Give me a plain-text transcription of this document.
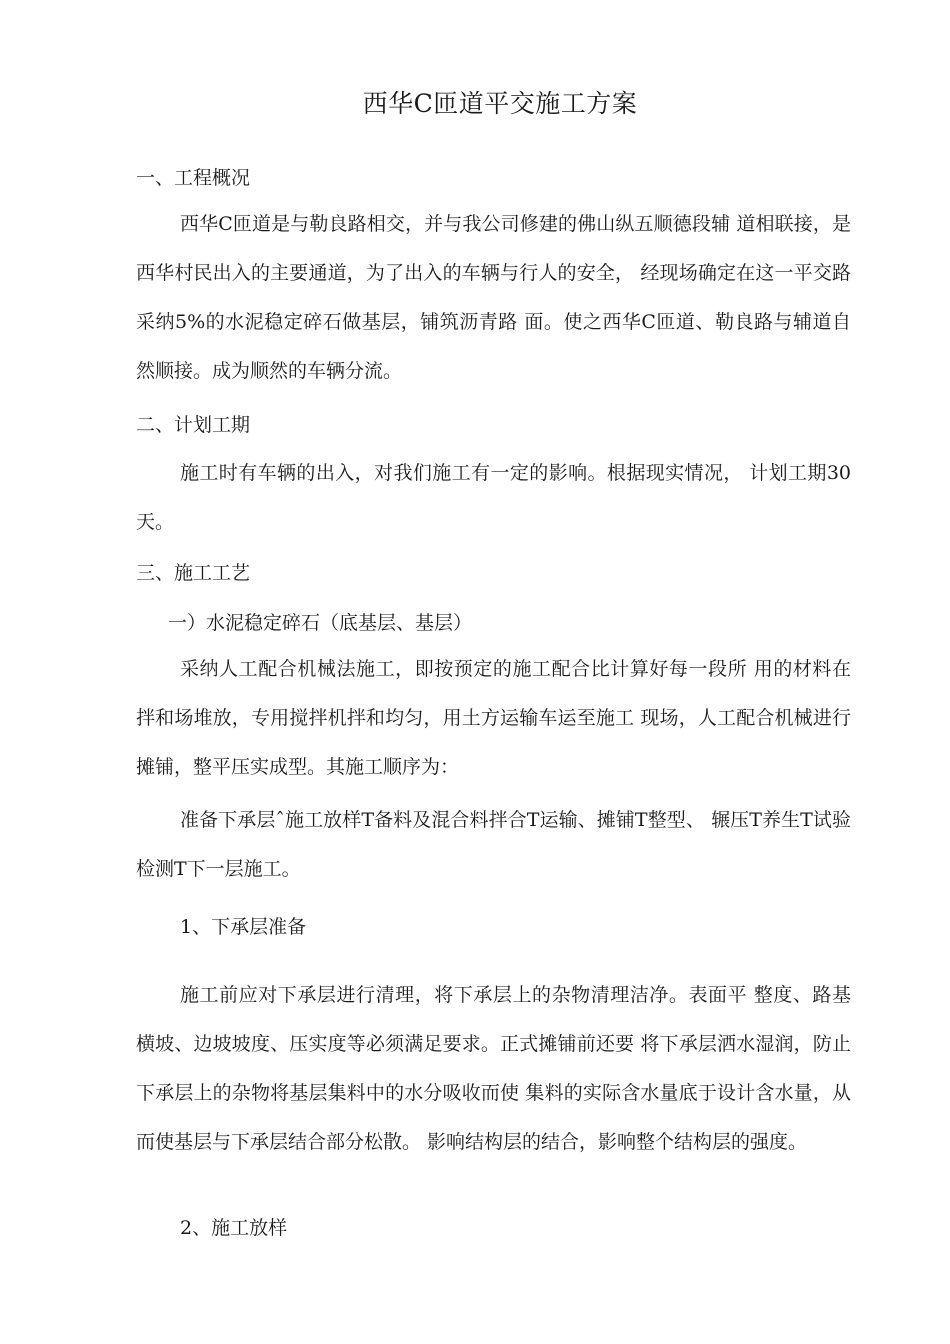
西华C匝道平交施工方案
一、工程概况
西华C匝道是与勒良路相交，并与我公司修建的佛山纵五顺德段辅 道相联接，是西华村民出入的主要通道，为了出入的车辆与行人的安全， 经现场确定在这一平交路采纳5%的水泥稳定碎石做基层，铺筑沥青路 面。使之西华C匝道、勒良路与辅道自然顺接。成为顺然的车辆分流。
二、计划工期
施工时有车辆的出入，对我们施工有一定的影响。根据现实情况， 计划工期30天。
三、施工工艺
一）水泥稳定碎石（底基层、基层）
采纳人工配合机械法施工，即按预定的施工配合比计算好每一段所 用的材料在拌和场堆放，专用搅拌机拌和均匀，用土方运输车运至施工 现场，人工配合机械进行摊铺，整平压实成型。其施工顺序为：
准备下承层ˆ施工放样T备料及混合料拌合T运输、摊铺T整型、 辗压T养生T试验检测T下一层施工。
1、下承层准备
施工前应对下承层进行清理，将下承层上的杂物清理洁净。表面平 整度、路基横坡、边坡坡度、压实度等必须满足要求。正式摊铺前还要 将下承层洒水湿润，防止下承层上的杂物将基层集料中的水分吸收而使 集料的实际含水量底于设计含水量，从而使基层与下承层结合部分松散。 影响结构层的结合，影响整个结构层的强度。
2、施工放样
